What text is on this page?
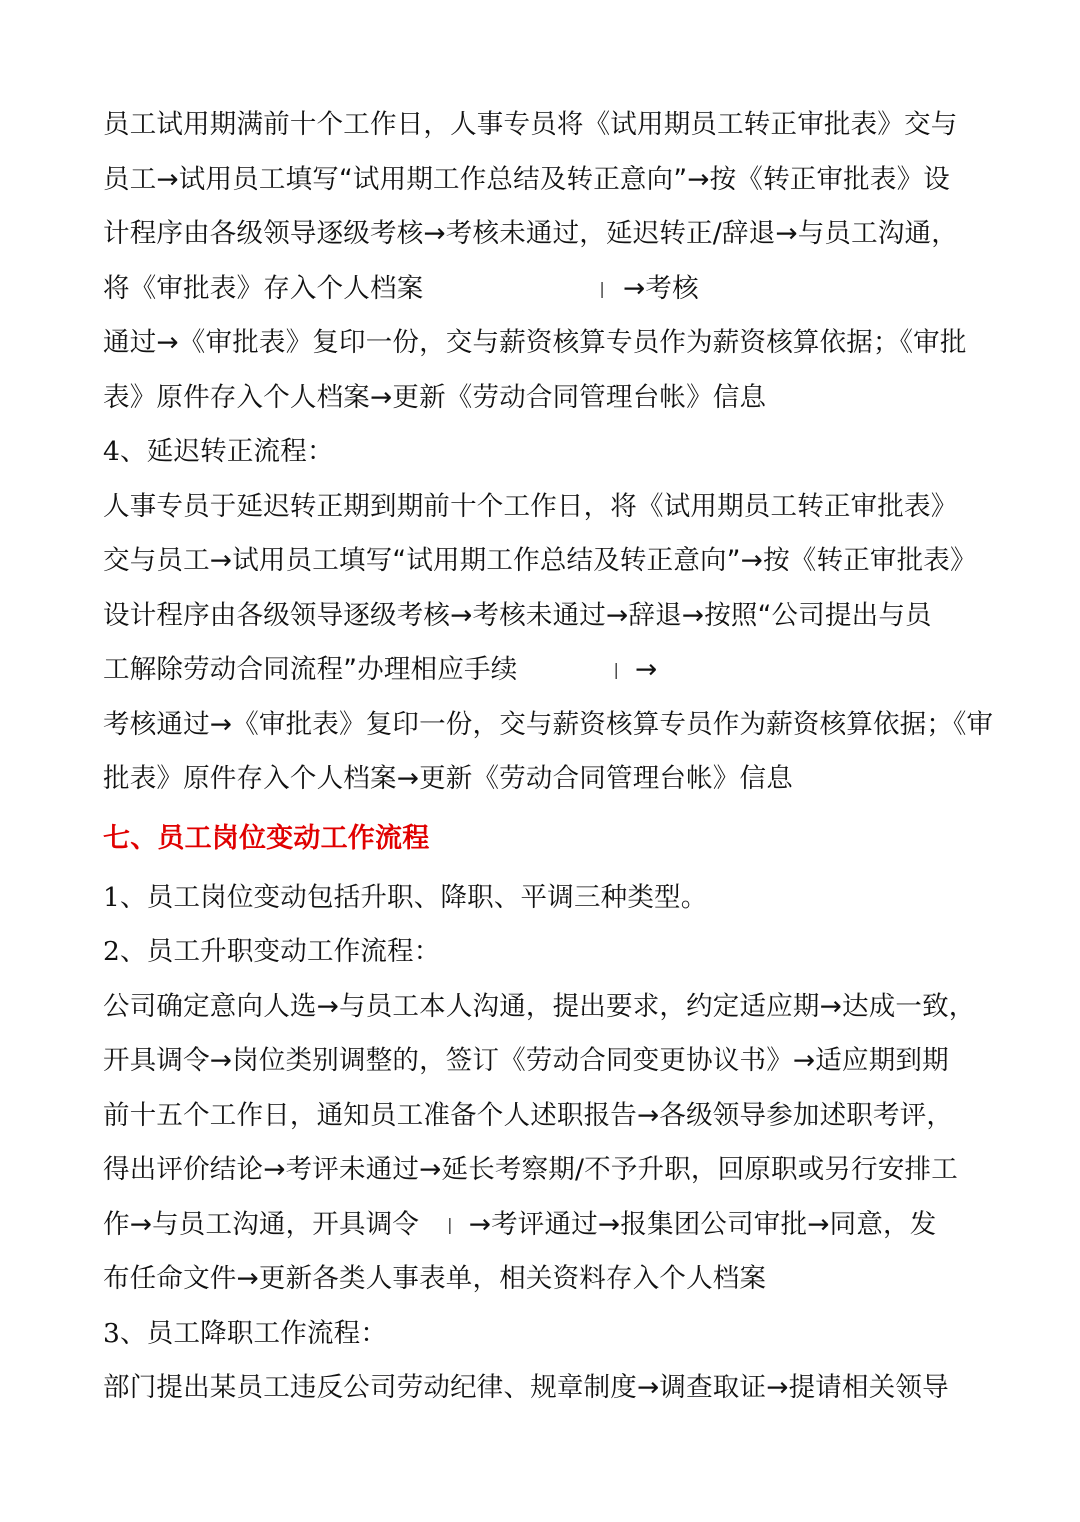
员工试用期满前十个工作日，人事专员将《试用期员工转正审批表》交与
员工→试用员工填写“试用期工作总结及转正意向”→按《转正审批表》设
计程序由各级领导逐级考核→考核未通过，延迟转正/辞退→与员工沟通，
将《审批表》存入个人档案	| →考核
通过→《审批表》复印一份，交与薪资核算专员作为薪资核算依据；《审批
表》原件存入个人档案→更新《劳动合同管理台帐》信息
4、延迟转正流程：
人事专员于延迟转正期到期前十个工作日，将《试用期员工转正审批表》
交与员工→试用员工填写“试用期工作总结及转正意向”→按《转正审批表》
设计程序由各级领导逐级考核→考核未通过→辞退→按照“公司提出与员
工解除劳动合同流程”办理相应手续	| →
考核通过→《审批表》复印一份，交与薪资核算专员作为薪资核算依据；《审
批表》原件存入个人档案→更新《劳动合同管理台帐》信息
七、员工岗位变动工作流程
1、员工岗位变动包括升职、降职、平调三种类型。
2、员工升职变动工作流程：
公司确定意向人选→与员工本人沟通，提出要求，约定适应期→达成一致，
开具调令→岗位类别调整的，签订《劳动合同变更协议书》→适应期到期
前十五个工作日，通知员工准备个人述职报告→各级领导参加述职考评，
得出评价结论→考评未通过→延长考察期/不予升职，回原职或另行安排工
作→与员工沟通，开具调令 | →考评通过→报集团公司审批→同意，发
布任命文件→更新各类人事表单，相关资料存入个人档案
3、员工降职工作流程：
部门提出某员工违反公司劳动纪律、规章制度→调查取证→提请相关领导
